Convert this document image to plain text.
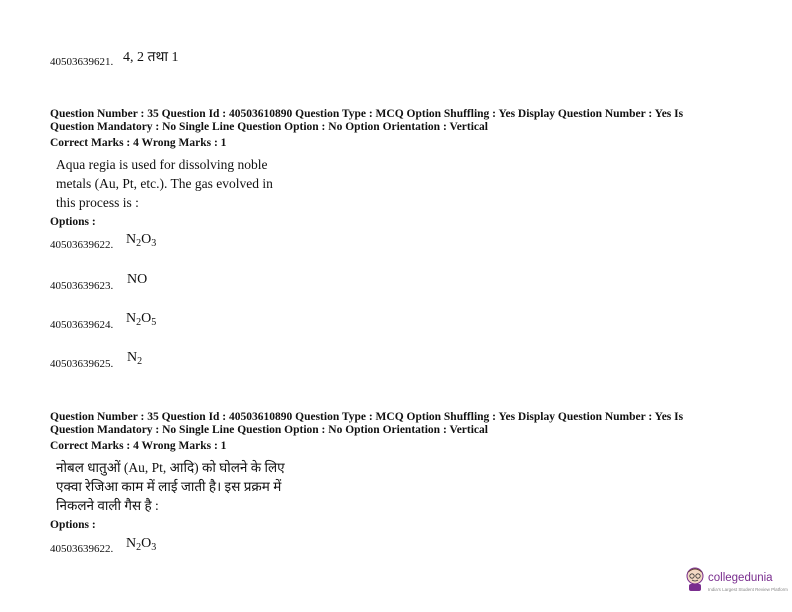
40503639621. 4, 2 तथा 1
Question Number : 35 Question Id : 40503610890 Question Type : MCQ Option Shuffling : Yes Display Question Number : Yes Is
Question Mandatory : No Single Line Question Option : No Option Orientation : Vertical
Correct Marks : 4 Wrong Marks : 1
Aqua regia is used for dissolving noble
metals (Au, Pt, etc.). The gas evolved in
this process is :
Options :
40503639622. $N_2O_3$
40503639623. NO
40503639624. $N_2O_5$
40503639625. $N_2$
Question Number : 35 Question Id : 40503610890 Question Type : MCQ Option Shuffling : Yes Display Question Number : Yes Is
Question Mandatory : No Single Line Question Option : No Option Orientation : Vertical
Correct Marks : 4 Wrong Marks : 1
नोबल धातुओं (Au, Pt, आदि) को घोलने के लिए
एक्वा रेजिआ काम में लाई जाती है। इस प्रक्रम में
निकलने वाली गैस है :
Options :
40503639622. $N_2O_3$
collegedunia
India's Largest Student Review Platform
